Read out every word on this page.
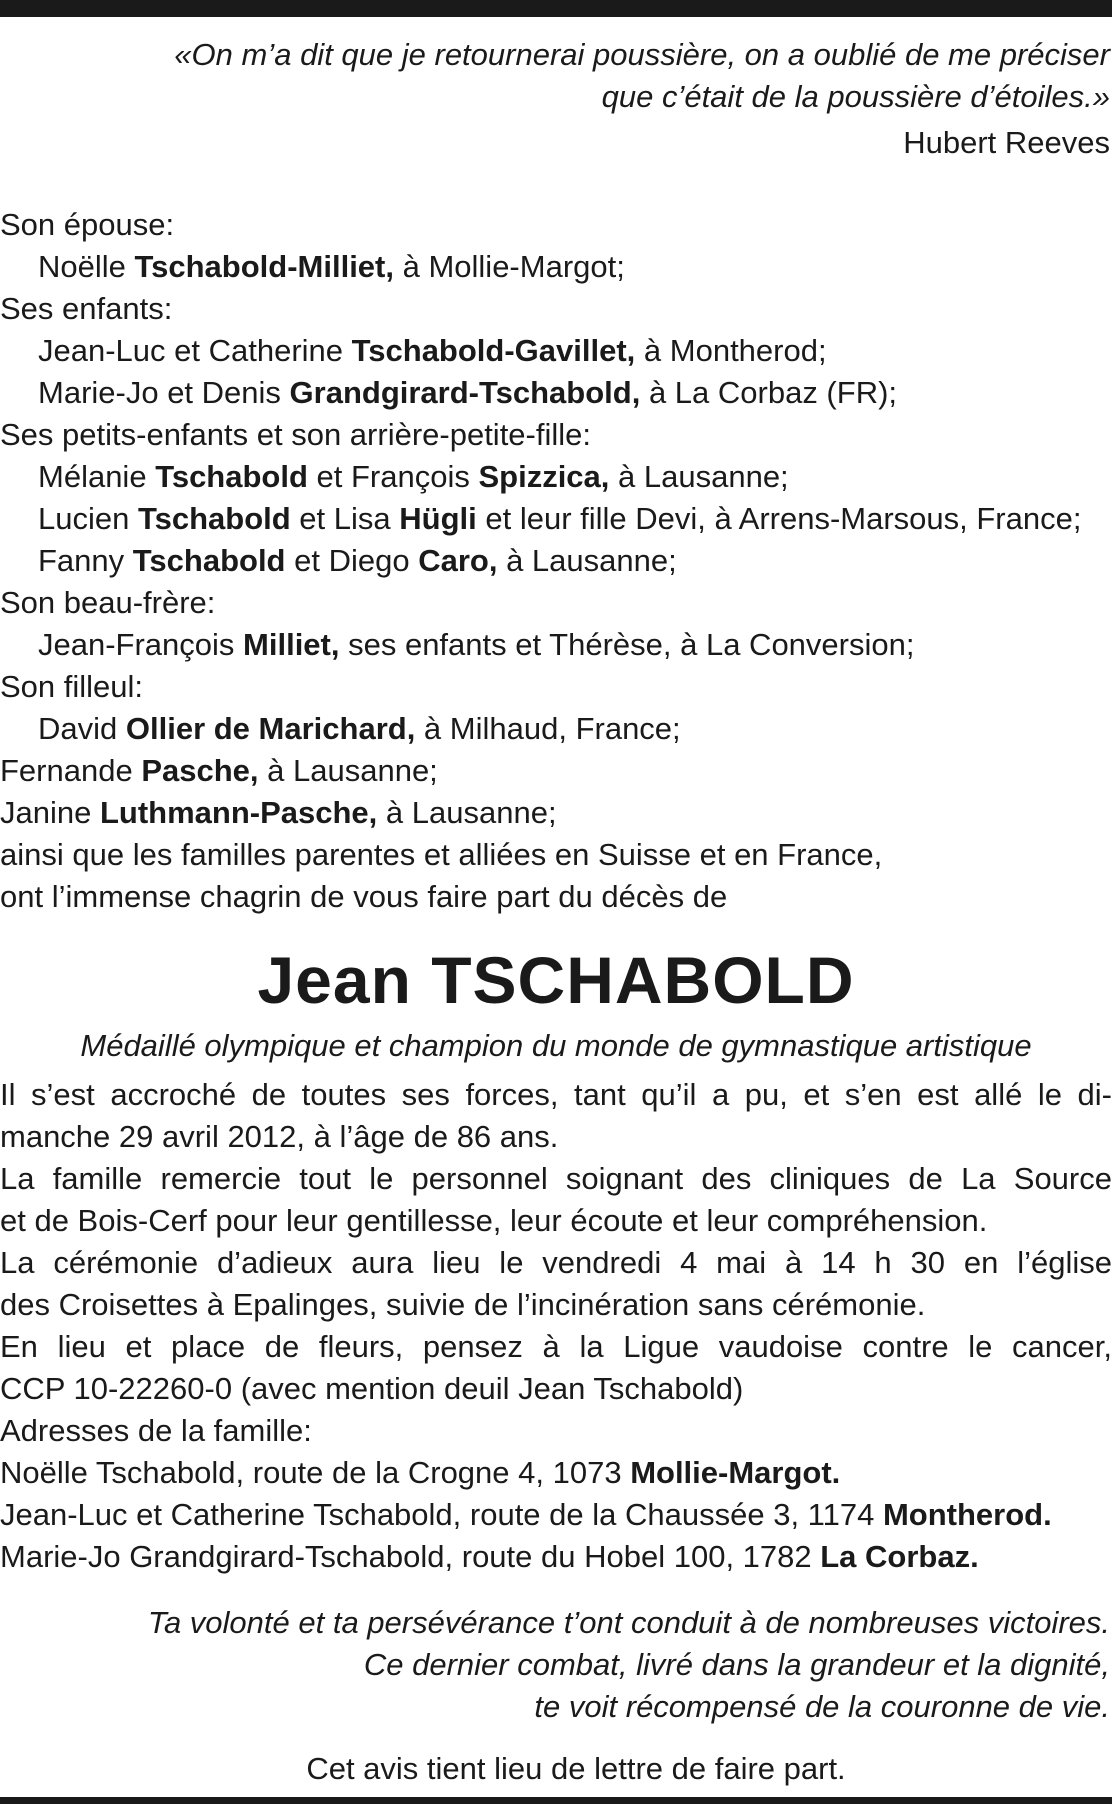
«On m’a dit que je retournerai poussière, on a oublié de me préciser
que c’était de la poussière d’étoiles.»
Hubert Reeves
Son épouse:
Noëlle Tschabold-Milliet, à Mollie-Margot;
Ses enfants:
Jean-Luc et Catherine Tschabold-Gavillet, à Montherod;
Marie-Jo et Denis Grandgirard-Tschabold, à La Corbaz (FR);
Ses petits-enfants et son arrière-petite-fille:
Mélanie Tschabold et François Spizzica, à Lausanne;
Lucien Tschabold et Lisa Hügli et leur fille Devi, à Arrens-Marsous, France;
Fanny Tschabold et Diego Caro, à Lausanne;
Son beau-frère:
Jean-François Milliet, ses enfants et Thérèse, à La Conversion;
Son filleul:
David Ollier de Marichard, à Milhaud, France;
Fernande Pasche, à Lausanne;
Janine Luthmann-Pasche, à Lausanne;
ainsi que les familles parentes et alliées en Suisse et en France,
ont l’immense chagrin de vous faire part du décès de
Jean TSCHABOLD
Médaillé olympique et champion du monde de gymnastique artistique
Il s’est accroché de toutes ses forces, tant qu’il a pu, et s’en est allé le di-
manche 29 avril 2012, à l’âge de 86 ans.
La famille remercie tout le personnel soignant des cliniques de La Source
et de Bois-Cerf pour leur gentillesse, leur écoute et leur compréhension.
La cérémonie d’adieux aura lieu le vendredi 4 mai à 14 h 30 en l’église
des Croisettes à Epalinges, suivie de l’incinération sans cérémonie.
En lieu et place de fleurs, pensez à la Ligue vaudoise contre le cancer,
CCP 10-22260-0 (avec mention deuil Jean Tschabold)
Adresses de la famille:
Noëlle Tschabold, route de la Crogne 4, 1073 Mollie-Margot.
Jean-Luc et Catherine Tschabold, route de la Chaussée 3, 1174 Montherod.
Marie-Jo Grandgirard-Tschabold, route du Hobel 100, 1782 La Corbaz.
Ta volonté et ta persévérance t’ont conduit à de nombreuses victoires.
Ce dernier combat, livré dans la grandeur et la dignité,
te voit récompensé de la couronne de vie.
Cet avis tient lieu de lettre de faire part.
